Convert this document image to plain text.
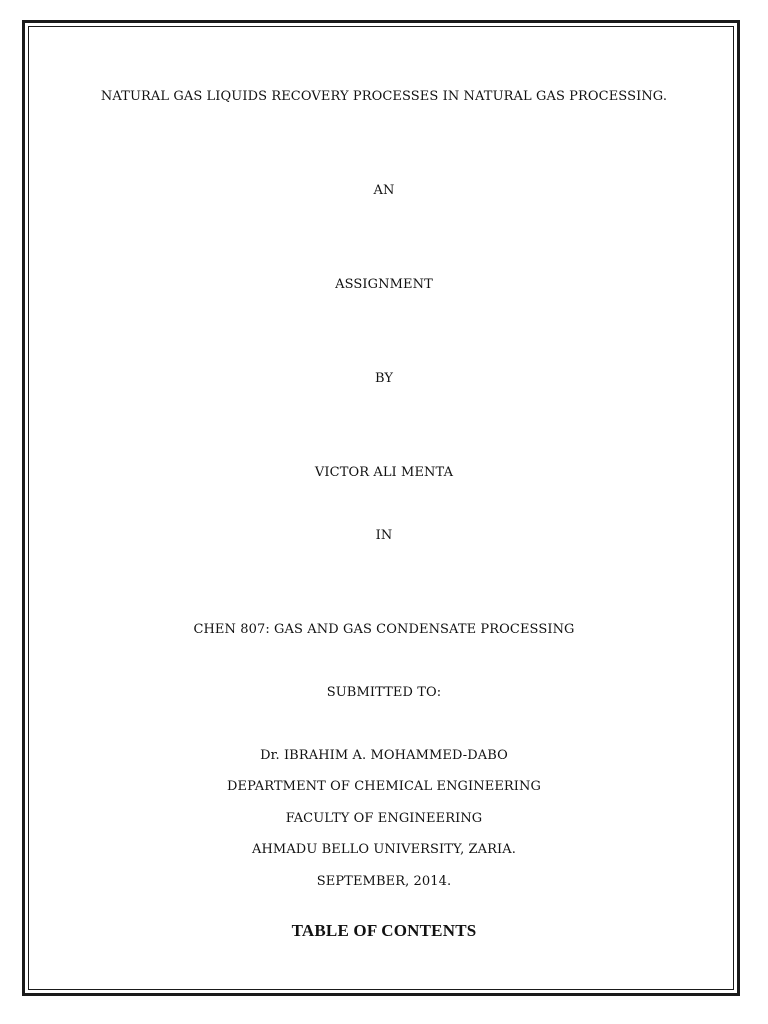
NATURAL GAS LIQUIDS RECOVERY PROCESSES IN NATURAL GAS PROCESSING.
AN
ASSIGNMENT
BY
VICTOR ALI MENTA
IN
CHEN 807: GAS AND GAS CONDENSATE PROCESSING
SUBMITTED TO:
Dr. IBRAHIM A. MOHAMMED-DABO
DEPARTMENT OF CHEMICAL ENGINEERING
FACULTY OF ENGINEERING
AHMADU BELLO UNIVERSITY, ZARIA.
SEPTEMBER, 2014.
TABLE OF CONTENTS
